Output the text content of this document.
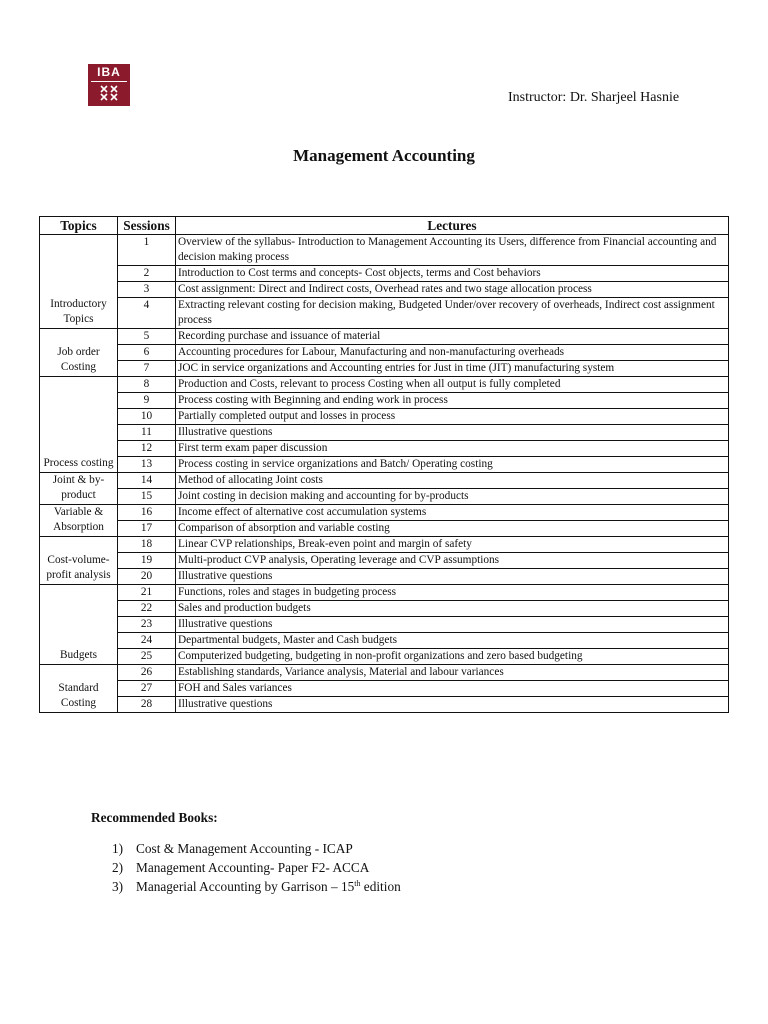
IBA
Instructor: Dr. Sharjeel Hasnie
Management Accounting
Topics	Sessions	Lectures
Introductory Topics	1	Overview of the syllabus- Introduction to Management Accounting its Users, difference from Financial accounting and decision making process
	2	Introduction to Cost terms and concepts- Cost objects, terms and Cost behaviors
	3	Cost assignment: Direct and Indirect costs, Overhead rates and two stage allocation process
	4	Extracting relevant costing for decision making, Budgeted Under/over recovery of overheads, Indirect cost assignment process
Job order Costing	5	Recording purchase and issuance of material
	6	Accounting procedures for Labour, Manufacturing and non-manufacturing overheads
	7	JOC in service organizations and Accounting entries for Just in time (JIT) manufacturing system
Process costing	8	Production and Costs, relevant to process Costing when all output is fully completed
	9	Process costing with Beginning and ending work in process
	10	Partially completed output and losses in process
	11	Illustrative questions
	12	First term exam paper discussion
	13	Process costing in service organizations and Batch/ Operating costing
Joint & by-product	14	Method of allocating Joint costs
	15	Joint costing in decision making and accounting for by-products
Variable & Absorption	16	Income effect of alternative cost accumulation systems
	17	Comparison of absorption and variable costing
Cost-volume-profit analysis	18	Linear CVP relationships, Break-even point and margin of safety
	19	Multi-product CVP analysis, Operating leverage and CVP assumptions
	20	Illustrative questions
Budgets	21	Functions, roles and stages in budgeting process
	22	Sales and production budgets
	23	Illustrative questions
	24	Departmental budgets, Master and Cash budgets
	25	Computerized budgeting, budgeting in non-profit organizations and zero based budgeting
Standard Costing	26	Establishing standards, Variance analysis, Material and labour variances
	27	FOH and Sales variances
	28	Illustrative questions
Recommended Books:
1) Cost & Management Accounting - ICAP
2) Management Accounting- Paper F2- ACCA
3) Managerial Accounting by Garrison – 15th edition
